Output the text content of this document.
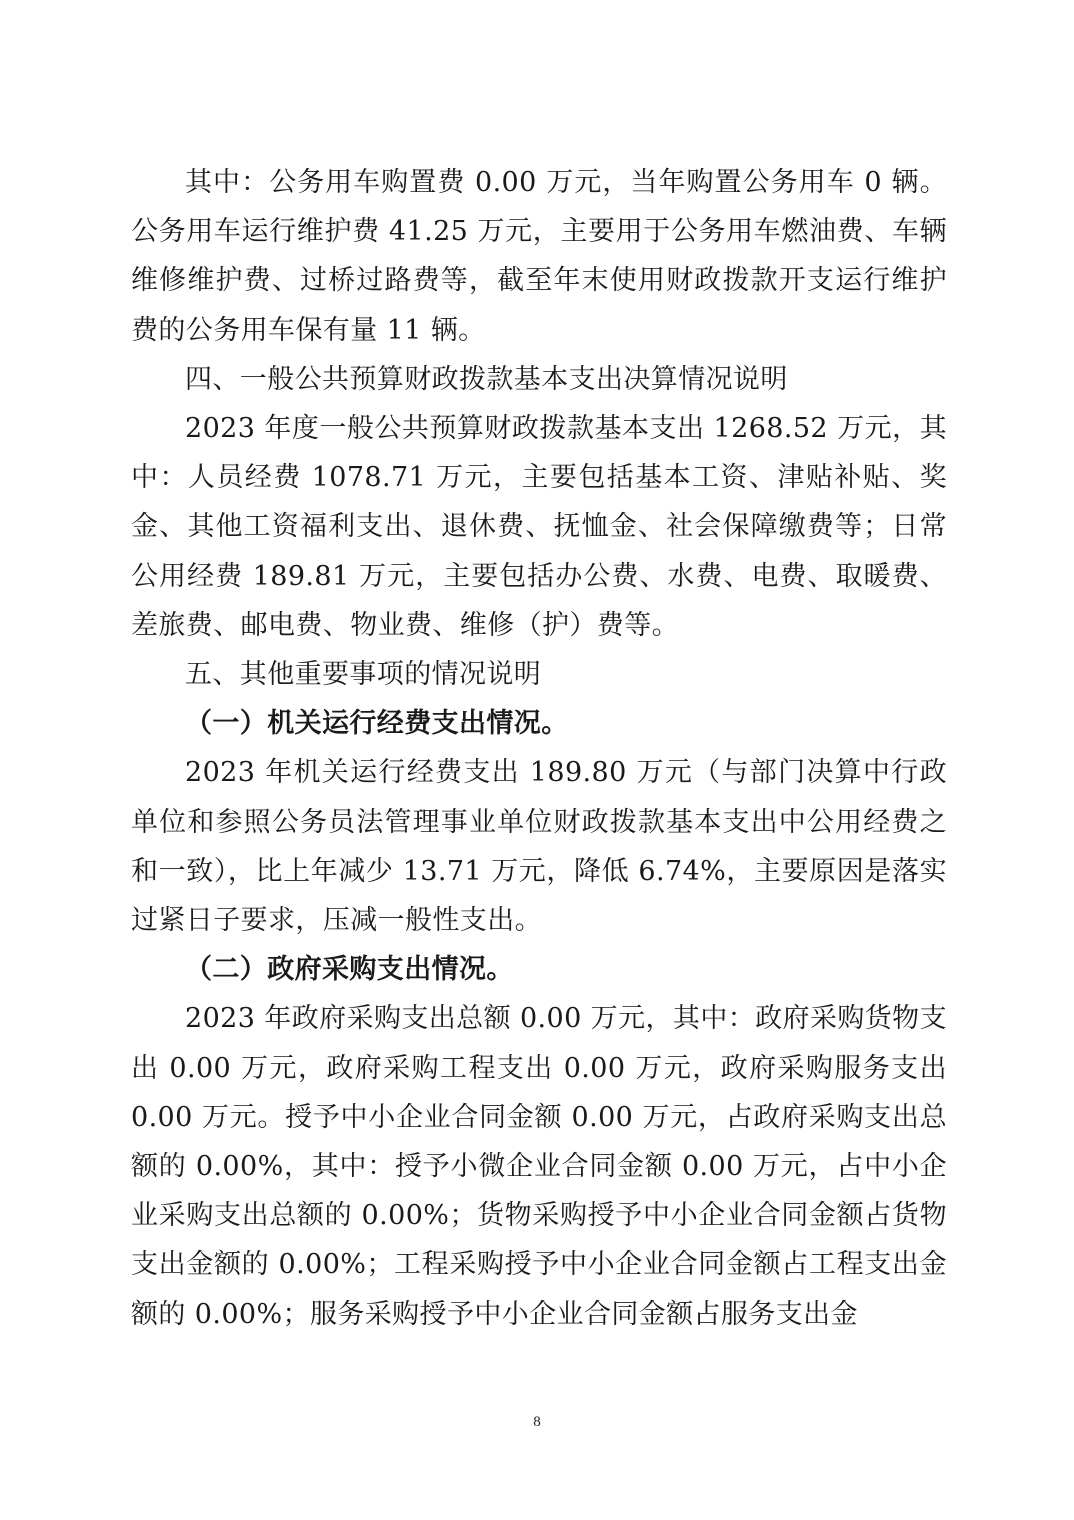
其中：公务用车购置费 0.00 万元，当年购置公务用车 0 辆。公务用车运行维护费 41.25 万元，主要用于公务用车燃油费、车辆维修维护费、过桥过路费等，截至年末使用财政拨款开支运行维护费的公务用车保有量 11 辆。

四、一般公共预算财政拨款基本支出决算情况说明

2023 年度一般公共预算财政拨款基本支出 1268.52 万元，其中：人员经费 1078.71 万元，主要包括基本工资、津贴补贴、奖金、其他工资福利支出、退休费、抚恤金、社会保障缴费等；日常公用经费 189.81 万元，主要包括办公费、水费、电费、取暖费、差旅费、邮电费、物业费、维修（护）费等。

五、其他重要事项的情况说明

（一）机关运行经费支出情况。

2023 年机关运行经费支出 189.80 万元（与部门决算中行政单位和参照公务员法管理事业单位财政拨款基本支出中公用经费之和一致），比上年减少 13.71 万元，降低 6.74%，主要原因是落实过紧日子要求，压减一般性支出。

（二）政府采购支出情况。

2023 年政府采购支出总额 0.00 万元，其中：政府采购货物支出 0.00 万元，政府采购工程支出 0.00 万元，政府采购服务支出 0.00 万元。授予中小企业合同金额 0.00 万元，占政府采购支出总额的 0.00%，其中：授予小微企业合同金额 0.00 万元，占中小企业采购支出总额的 0.00%；货物采购授予中小企业合同金额占货物支出金额的 0.00%；工程采购授予中小企业合同金额占工程支出金额的 0.00%；服务采购授予中小企业合同金额占服务支出金

8
